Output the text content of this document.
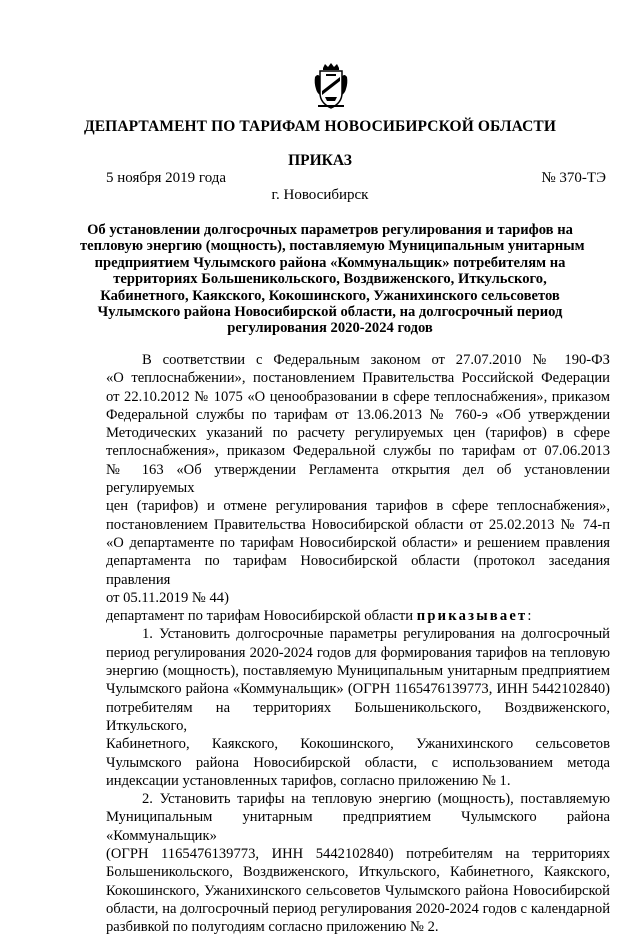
ДЕПАРТАМЕНТ ПО ТАРИФАМ НОВОСИБИРСКОЙ ОБЛАСТИ
ПРИКАЗ
5 ноября 2019 года	№ 370-ТЭ
г. Новосибирск
Об установлении долгосрочных параметров регулирования и тарифов на
тепловую энергию (мощность), поставляемую Муниципальным унитарным
предприятием Чулымского района «Коммунальщик» потребителям на
территориях Большеникольского, Воздвиженского, Иткульского,
Кабинетного, Каякского, Кокошинского, Ужанихинского сельсоветов
Чулымского района Новосибирской области, на долгосрочный период
регулирования 2020-2024 годов
В соответствии с Федеральным законом от 27.07.2010 № 190-ФЗ
«О теплоснабжении», постановлением Правительства Российской Федерации
от 22.10.2012 № 1075 «О ценообразовании в сфере теплоснабжения», приказом
Федеральной службы по тарифам от 13.06.2013 № 760-э «Об утверждении
Методических указаний по расчету регулируемых цен (тарифов) в сфере
теплоснабжения», приказом Федеральной службы по тарифам от 07.06.2013
№ 163 «Об утверждении Регламента открытия дел об установлении регулируемых
цен (тарифов) и отмене регулирования тарифов в сфере теплоснабжения»,
постановлением Правительства Новосибирской области от 25.02.2013 № 74-п
«О департаменте по тарифам Новосибирской области» и решением правления
департамента по тарифам Новосибирской области (протокол заседания правления
от 05.11.2019 № 44)
департамент по тарифам Новосибирской области приказывает:
1. Установить долгосрочные параметры регулирования на долгосрочный
период регулирования 2020-2024 годов для формирования тарифов на тепловую
энергию (мощность), поставляемую Муниципальным унитарным предприятием
Чулымского района «Коммунальщик» (ОГРН 1165476139773, ИНН 5442102840)
потребителям на территориях Большеникольского, Воздвиженского, Иткульского,
Кабинетного, Каякского, Кокошинского, Ужанихинского сельсоветов
Чулымского района Новосибирской области, с использованием метода
индексации установленных тарифов, согласно приложению № 1.
2. Установить тарифы на тепловую энергию (мощность), поставляемую
Муниципальным унитарным предприятием Чулымского района «Коммунальщик»
(ОГРН 1165476139773, ИНН 5442102840) потребителям на территориях
Большеникольского, Воздвиженского, Иткульского, Кабинетного, Каякского,
Кокошинского, Ужанихинского сельсоветов Чулымского района Новосибирской
области, на долгосрочный период регулирования 2020-2024 годов с календарной
разбивкой по полугодиям согласно приложению № 2.
